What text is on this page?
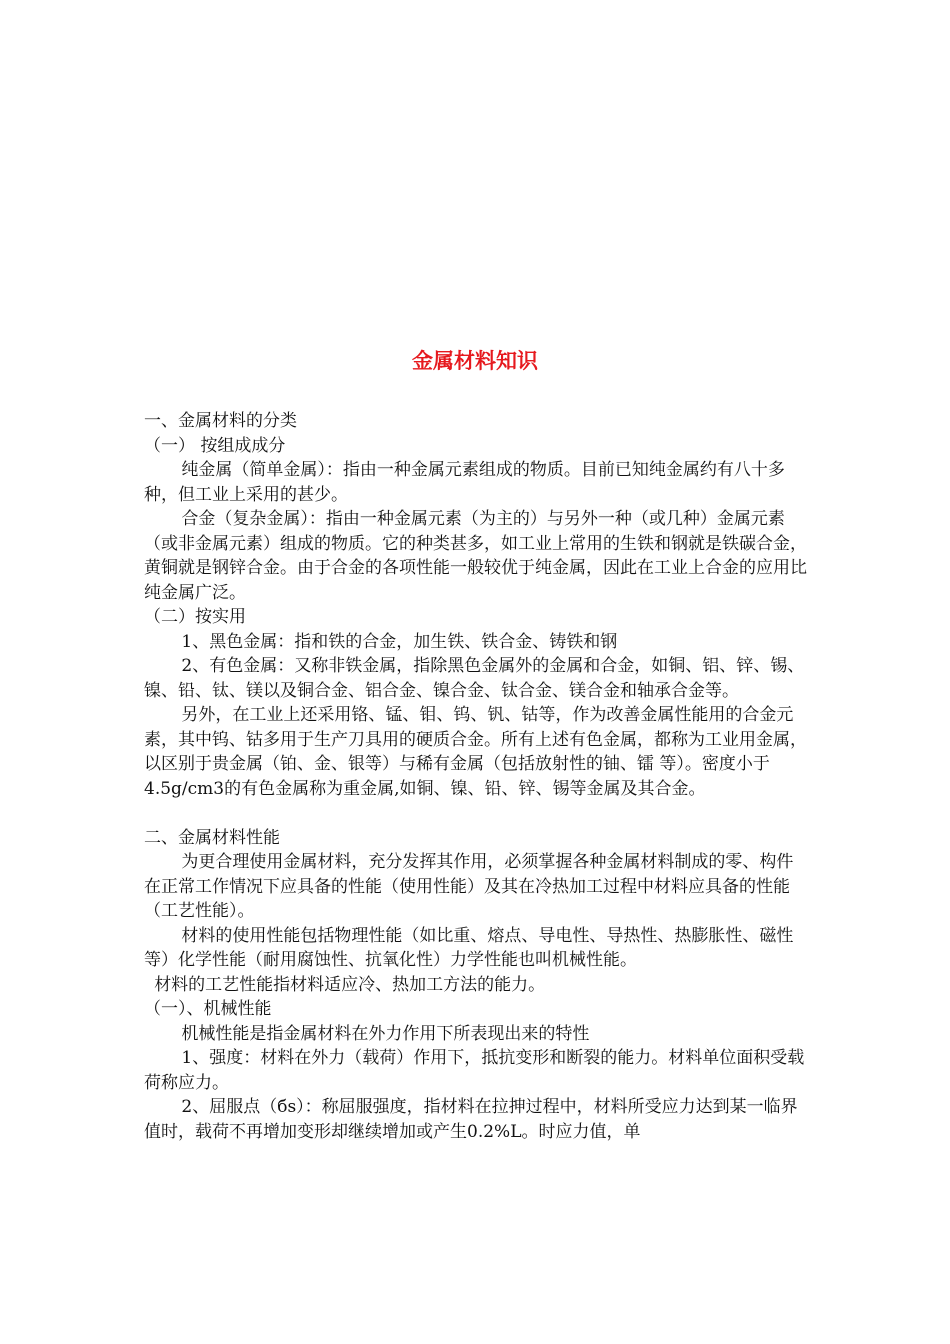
金属材料知识

一、金属材料的分类

（一） 按组成成分

纯金属（简单金属）：指由一种金属元素组成的物质。目前已知纯金属约有八十多种，但工业上采用的甚少。

合金（复杂金属）：指由一种金属元素（为主的）与另外一种（或几种）金属元素（或非金属元素）组成的物质。它的种类甚多，如工业上常用的生铁和钢就是铁碳合金，黄铜就是钢锌合金。由于合金的各项性能一般较优于纯金属，因此在工业上合金的应用比纯金属广泛。

（二）按实用

1、黑色金属：指和铁的合金，加生铁、铁合金、铸铁和钢

2、有色金属：又称非铁金属，指除黑色金属外的金属和合金，如铜、铝、锌、锡、 镍、铅、钛、镁以及铜合金、铝合金、镍合金、钛合金、镁合金和轴承合金等。

另外，在工业上还采用铬、锰、钼、钨、钒、钴等，作为改善金属性能用的合金元素，其中钨、钴多用于生产刀具用的硬质合金。所有上述有色金属，都称为工业用金属，以区别于贵金属（铂、金、银等）与稀有金属（包括放射性的铀、镭 等）。密度小于4.5g/cm3的有色金属称为重金属,如铜、镍、铅、锌、锡等金属及其合金。

二、金属材料性能

为更合理使用金属材料，充分发挥其作用，必须掌握各种金属材料制成的零、构件在正常工作情况下应具备的性能（使用性能）及其在冷热加工过程中材料应具备的性能（工艺性能）。

材料的使用性能包括物理性能（如比重、熔点、导电性、导热性、热膨胀性、磁性等）化学性能（耐用腐蚀性、抗氧化性）力学性能也叫机械性能。

材料的工艺性能指材料适应冷、热加工方法的能力。

（一）、机械性能

机械性能是指金属材料在外力作用下所表现出来的特性

1、强度：材料在外力（载荷）作用下，抵抗变形和断裂的能力。材料单位面积受载荷称应力。

2、屈服点（бs）：称屈服强度，指材料在拉抻过程中，材料所受应力达到某一临界值时，载荷不再增加变形却继续增加或产生0.2%L。时应力值，单
